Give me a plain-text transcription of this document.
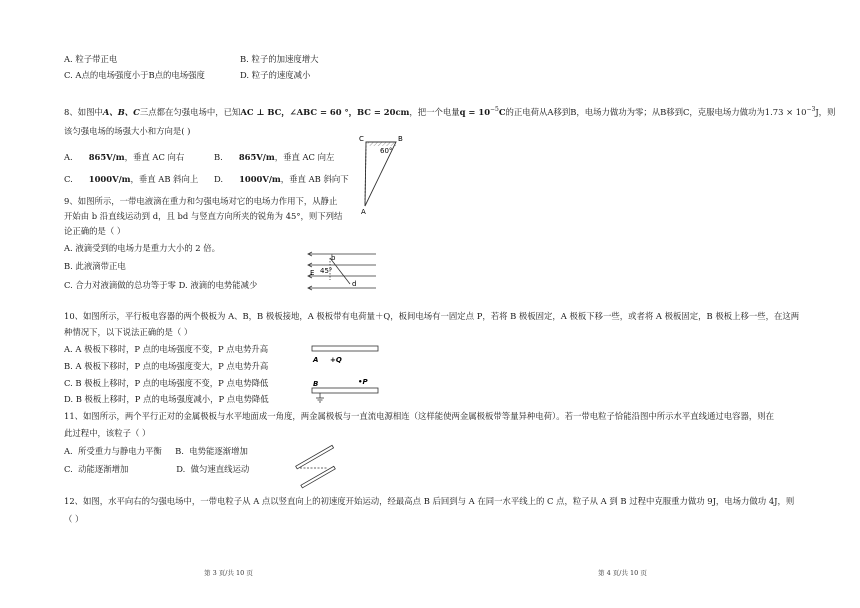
A. 粒子带正电	B. 粒子的加速度增大
C. A点的电场强度小于B点的电场强度	D. 粒子的速度减小
8、如图中A、B、C三点都在匀强电场中，已知AC ⊥ BC，∠ABC = 60 °，BC = 20cm，把一个电量$q = 10^{-5}C$的正电荷从A移到B，电场力做功为零；从B移到C，克服电场力做功为$1.73 \times 10^{-3}J$，则
该匀强电场的场强大小和方向是( )
A. 865V/m，垂直 AC 向右	B. 865V/m，垂直 AC 向左
C. 1000V/m，垂直 AB 斜向上 D. 1000V/m，垂直 AB 斜向下
C	B
A
60°
9、如图所示，一带电液滴在重力和匀强电场对它的电场力作用下，从静止
开始由 b 沿直线运动到 d，且 bd 与竖直方向所夹的锐角为 45°，则下列结
论正确的是（ ）
A. 液滴受到的电场力是重力大小的 2 倍。
B. 此液滴带正电
C. 合力对液滴做的总功等于零 D. 液滴的电势能减少
b
d
E 45°
10、如图所示，平行板电容器的两个极板为 A、B，B 极板接地，A 极板带有电荷量＋Q，板间电场有一固定点 P，若将 B 极板固定，A 极板下移一些，或者将 A 极板固定，B 极板上移一些，在这两
种情况下，以下说法正确的是（ ）
A. A 极板下移时，P 点的电场强度不变，P 点电势升高
B. A 极板下移时，P 点的电场强度变大，P 点电势升高
C. B 极板上移时，P 点的电场强度不变，P 点电势降低
D. B 极板上移时，P 点的电场强度减小，P 点电势降低
A +Q
B	•P
11、如图所示，两个平行正对的金属极板与水平地面成一角度，两金属极板与一直流电源相连（这样能使两金属极板带等量异种电荷）。若一带电粒子恰能沿图中所示水平直线通过电容器，则在
此过程中，该粒子（ ）
A.  所受重力与静电力平衡     B.  电势能逐渐增加
C.  动能逐渐增加                  D.  做匀速直线运动
12、如图，水平向右的匀强电场中，一带电粒子从 A 点以竖直向上的初速度开始运动，经最高点 B 后回到与 A 在同一水平线上的 C 点，粒子从 A 到 B 过程中克服重力做功 9J，电场力做功 4J，则
（ ）
第 3 页/共 10 页	第 4 页/共 10 页
